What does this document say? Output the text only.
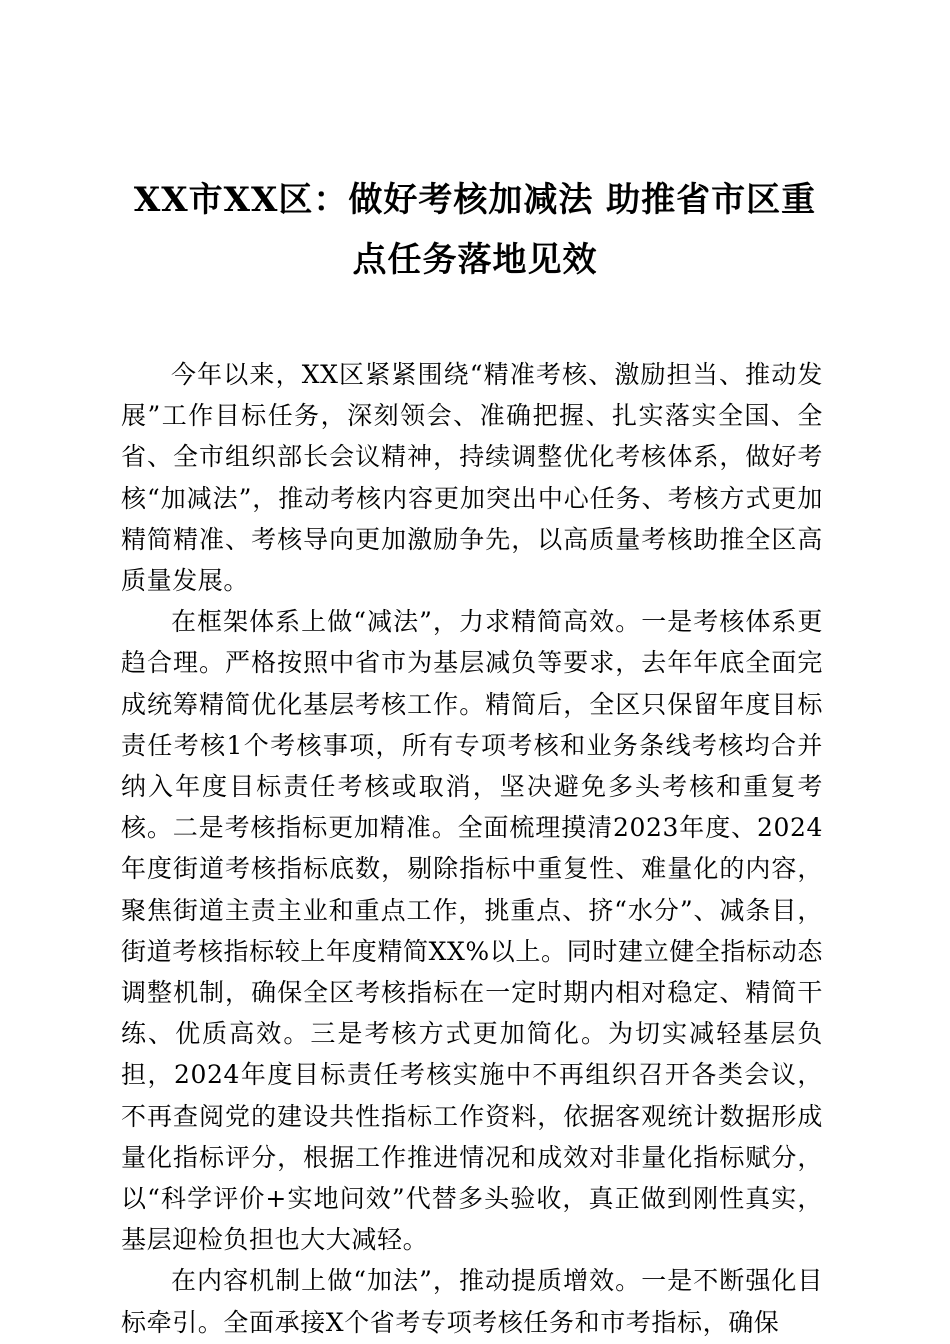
XX市XX区：做好考核加减法 助推省市区重
点任务落地见效

今年以来，XX区紧紧围绕“精准考核、激励担当、推动发展”工作目标任务，深刻领会、准确把握、扎实落实全国、全省、全市组织部长会议精神，持续调整优化考核体系，做好考核“加减法”，推动考核内容更加突出中心任务、考核方式更加精简精准、考核导向更加激励争先，以高质量考核助推全区高质量发展。

在框架体系上做“减法”，力求精简高效。一是考核体系更趋合理。严格按照中省市为基层减负等要求，去年年底全面完成统筹精简优化基层考核工作。精简后，全区只保留年度目标责任考核1个考核事项，所有专项考核和业务条线考核均合并纳入年度目标责任考核或取消，坚决避免多头考核和重复考核。二是考核指标更加精准。全面梳理摸清2023年度、2024年度街道考核指标底数，剔除指标中重复性、难量化的内容，聚焦街道主责主业和重点工作，挑重点、挤“水分”、减条目，街道考核指标较上年度精简XX%以上。同时建立健全指标动态调整机制，确保全区考核指标在一定时期内相对稳定、精简干练、优质高效。三是考核方式更加简化。为切实减轻基层负担，2024年度目标责任考核实施中不再组织召开各类会议，不再查阅党的建设共性指标工作资料，依据客观统计数据形成量化指标评分，根据工作推进情况和成效对非量化指标赋分，以“科学评价+实地问效”代替多头验收，真正做到刚性真实，基层迎检负担也大大减轻。

在内容机制上做“加法”，推动提质增效。一是不断强化目标牵引。全面承接X个省考专项考核任务和市考指标，确保
